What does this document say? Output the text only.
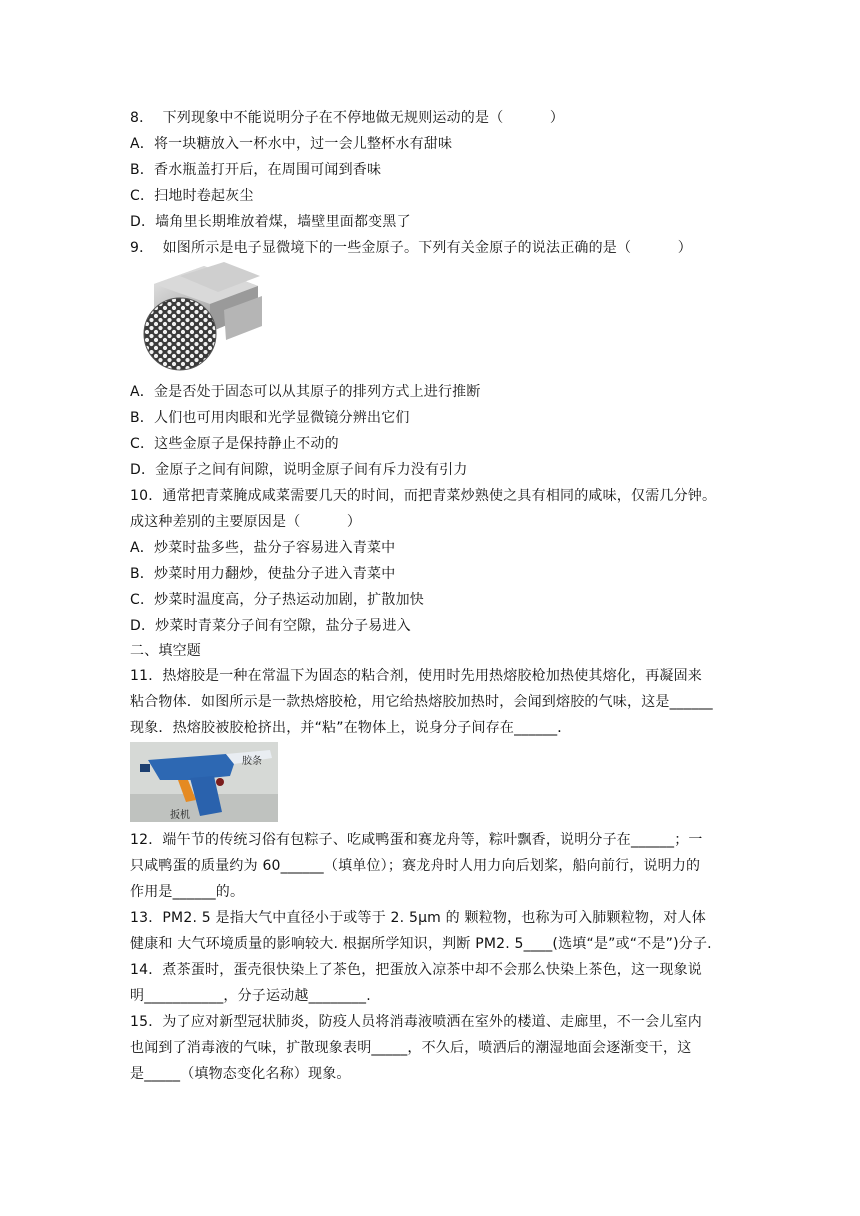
8．  下列现象中不能说明分子在不停地做无规则运动的是（          ）
A．将一块糖放入一杯水中，过一会儿整杯水有甜味
B．香水瓶盖打开后，在周围可闻到香味
C．扫地时卷起灰尘
D．墙角里长期堆放着煤，墙壁里面都变黑了
9．  如图所示是电子显微境下的一些金原子。下列有关金原子的说法正确的是（          ）
A．金是否处于固态可以从其原子的排列方式上进行推断
B．人们也可用肉眼和光学显微镜分辨出它们
C．这些金原子是保持静止不动的
D．金原子之间有间隙，说明金原子间有斥力没有引力
10．通常把青菜腌成咸菜需要几天的时间，而把青菜炒熟使之具有相同的咸味，仅需几分钟。
成这种差别的主要原因是（          ）
A．炒菜时盐多些，盐分子容易进入青菜中
B．炒菜时用力翻炒，使盐分子进入青菜中
C．炒菜时温度高，分子热运动加剧，扩散加快
D．炒菜时青菜分子间有空隙，盐分子易进入
二、填空题
11．热熔胶是一种在常温下为固态的粘合剂，使用时先用热熔胶枪加热使其熔化，再凝固来
粘合物体．如图所示是一款热熔胶枪，用它给热熔胶加热时，会闻到熔胶的气味，这是______
现象．热熔胶被胶枪挤出，并“粘”在物体上，说身分子间存在______．
胶条
扳机
12．端午节的传统习俗有包粽子、吃咸鸭蛋和赛龙舟等，粽叶飘香，说明分子在______；一
只咸鸭蛋的质量约为 60______（填单位）；赛龙舟时人用力向后划桨，船向前行，说明力的
作用是______的。
13．PM2. 5 是指大气中直径小于或等于 2. 5μm 的 颗粒物，也称为可入肺颗粒物，对人体
健康和 大气环境质量的影响较大. 根据所学知识，判断 PM2. 5____(选填“是”或“不是”)分子.
14．煮茶蛋时，蛋壳很快染上了茶色，把蛋放入凉茶中却不会那么快染上茶色，这一现象说
明___________，分子运动越________.
15．为了应对新型冠状肺炎，防疫人员将消毒液喷洒在室外的楼道、走廊里，不一会儿室内
也闻到了消毒液的气味，扩散现象表明_____，不久后，喷洒后的潮湿地面会逐渐变干，这
是_____（填物态变化名称）现象。
